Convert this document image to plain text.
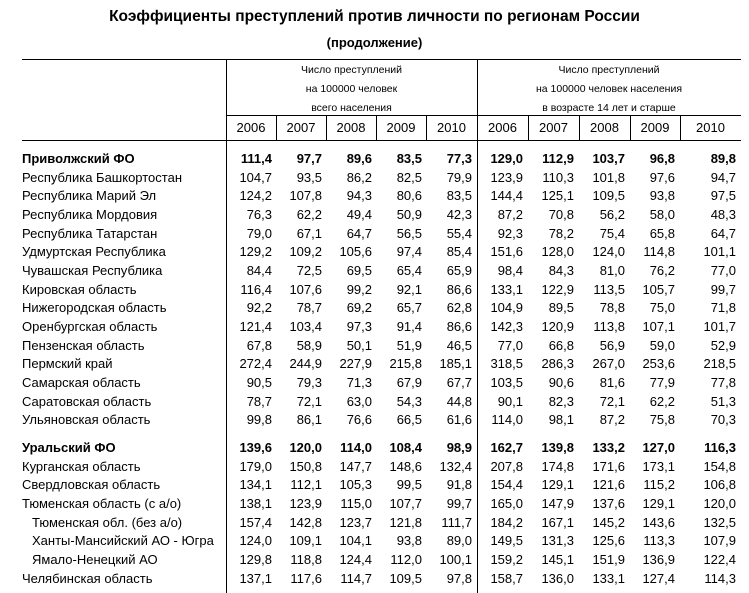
Коэффициенты преступлений против личности по регионам России
(продолжение)
Число преступлений
на 100000 человек
всего населения
Число преступлений
на 100000 человек населения
в возрасте 14 лет и старше
2006	2007	2008	2009	2010	2006	2007	2008	2009	2010
Приволжский ФО	111,4	97,7	89,6	83,5	77,3	129,0	112,9	103,7	96,8	89,8
Республика Башкортостан	104,7	93,5	86,2	82,5	79,9	123,9	110,3	101,8	97,6	94,7
Республика Марий Эл	124,2	107,8	94,3	80,6	83,5	144,4	125,1	109,5	93,8	97,5
Республика Мордовия	76,3	62,2	49,4	50,9	42,3	87,2	70,8	56,2	58,0	48,3
Республика Татарстан	79,0	67,1	64,7	56,5	55,4	92,3	78,2	75,4	65,8	64,7
Удмуртская Республика	129,2	109,2	105,6	97,4	85,4	151,6	128,0	124,0	114,8	101,1
Чувашская Республика	84,4	72,5	69,5	65,4	65,9	98,4	84,3	81,0	76,2	77,0
Кировская область	116,4	107,6	99,2	92,1	86,6	133,1	122,9	113,5	105,7	99,7
Нижегородская область	92,2	78,7	69,2	65,7	62,8	104,9	89,5	78,8	75,0	71,8
Оренбургская область	121,4	103,4	97,3	91,4	86,6	142,3	120,9	113,8	107,1	101,7
Пензенская область	67,8	58,9	50,1	51,9	46,5	77,0	66,8	56,9	59,0	52,9
Пермский край	272,4	244,9	227,9	215,8	185,1	318,5	286,3	267,0	253,6	218,5
Самарская область	90,5	79,3	71,3	67,9	67,7	103,5	90,6	81,6	77,9	77,8
Саратовская область	78,7	72,1	63,0	54,3	44,8	90,1	82,3	72,1	62,2	51,3
Ульяновская область	99,8	86,1	76,6	66,5	61,6	114,0	98,1	87,2	75,8	70,3
Уральский ФО	139,6	120,0	114,0	108,4	98,9	162,7	139,8	133,2	127,0	116,3
Курганская область	179,0	150,8	147,7	148,6	132,4	207,8	174,8	171,6	173,1	154,8
Свердловская область	134,1	112,1	105,3	99,5	91,8	154,4	129,1	121,6	115,2	106,8
Тюменская область (с а/о)	138,1	123,9	115,0	107,7	99,7	165,0	147,9	137,6	129,1	120,0
Тюменская обл. (без а/о)	157,4	142,8	123,7	121,8	111,7	184,2	167,1	145,2	143,6	132,5
Ханты-Мансийский АО - Югра	124,0	109,1	104,1	93,8	89,0	149,5	131,3	125,6	113,3	107,9
Ямало-Ненецкий АО	129,8	118,8	124,4	112,0	100,1	159,2	145,1	151,9	136,9	122,4
Челябинская область	137,1	117,6	114,7	109,5	97,8	158,7	136,0	133,1	127,4	114,3
